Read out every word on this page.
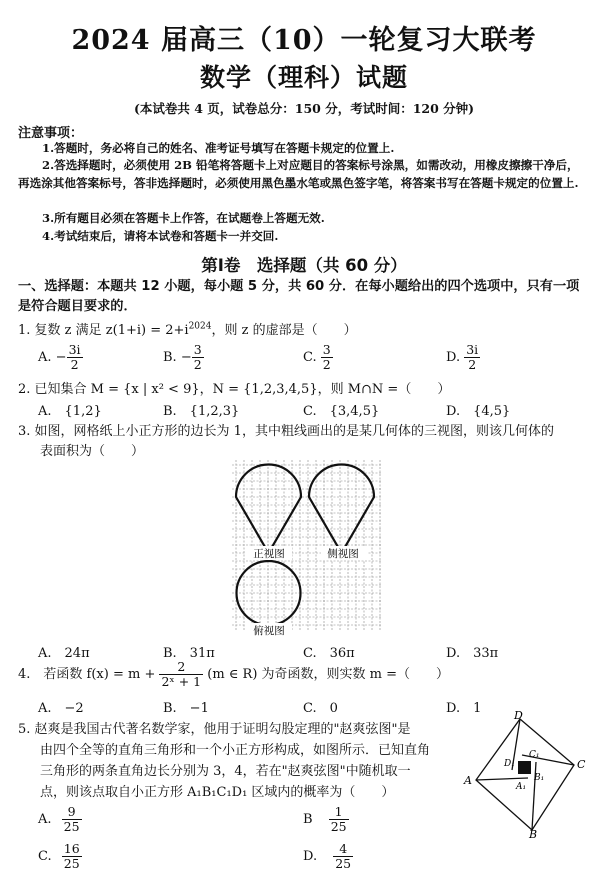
2024 届高三（10）一轮复习大联考
数学（理科）试题
(本试卷共 4 页，试卷总分：150 分，考试时间：120 分钟)
注意事项：
1.答题时，务必将自己的姓名、准考证号填写在答题卡规定的位置上.
2.答选择题时，必须使用 2B 铅笔将答题卡上对应题目的答案标号涂黑，如需改动，用橡皮擦擦干净后，再选涂其他答案标号，答非选择题时，必须使用黑色墨水笔或黑色签字笔，将答案书写在答题卡规定的位置上.
3.所有题目必须在答题卡上作答，在试题卷上答题无效.
4.考试结束后，请将本试卷和答题卡一并交回.
第Ⅰ卷　选择题（共 60 分）
一、选择题：本题共 12 小题，每小题 5 分，共 60 分．在每小题给出的四个选项中，只有一项是符合题目要求的．
1. 复数 z 满足 $z(1+i) = 2+i^{2024}$，则 z 的虚部是（　　）
A. − $\frac{3i}{2}$	B. − $\frac{3}{2}$	C. $\frac{3}{2}$	D. $\frac{3i}{2}$
2. 已知集合 M = {x | x² < 9}，N = {1,2,3,4,5}，则 M∩N =（　　）
A.　{1,2}	B.　{1,2,3}	C.　{3,4,5}	D.　{4,5}
3. 如图，网格纸上小正方形的边长为 1，其中粗线画出的是某几何体的三视图，则该几何体的
表面积为（　　）
正视图	侧视图
俯视图
A.　24π	B.　31π	C.　36π	D.　33π
4.　若函数 $f(x) = m + \frac{2}{\text{2ˣ + 1}} (m$ ∈ R) 为奇函数，则实数 m =（　　）
A.　−2	B.　−1	C.　0	D.　1
5. 赵爽是我国古代著名数学家，他用于证明勾股定理的"赵爽弦图"是
由四个全等的直角三角形和一个小正方形构成，如图所示．已知直角
三角形的两条直角边长分别为 3，4，若在"赵爽弦图"中随机取一
点，则该点取自小正方形 A₁B₁C₁D₁ 区域内的概率为（　　）
D
C
B
A
D₁
C₁
B₁
A₁
A. $\frac{9}{25}$	B $\frac{1}{25}$
C. $\frac{16}{25}$	D. $\frac{4}{25}$
